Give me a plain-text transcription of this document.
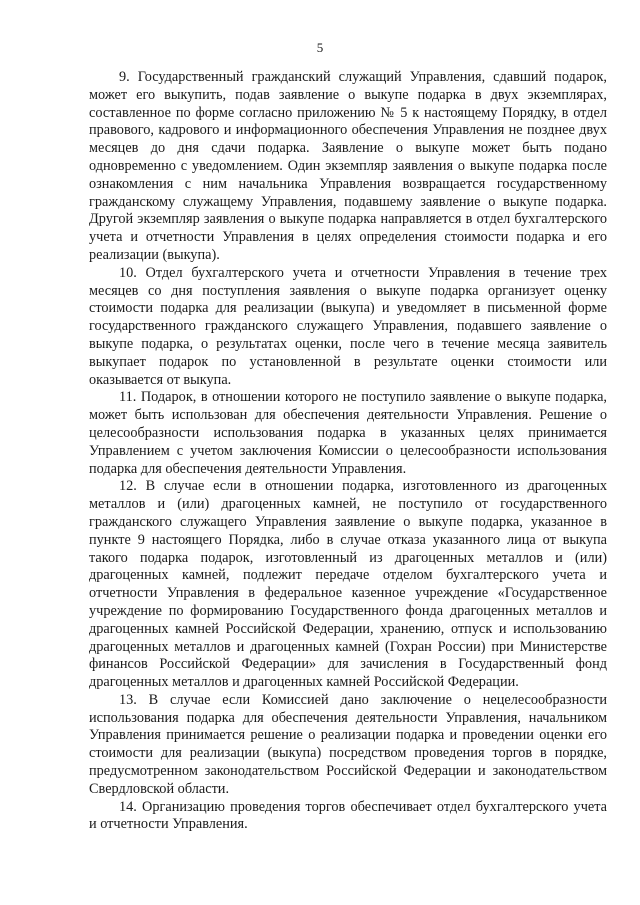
5

9. Государственный гражданский служащий Управления, сдавший подарок, может его выкупить, подав заявление о выкупе подарка в двух экземплярах, составленное по форме согласно приложению № 5 к настоящему Порядку, в отдел правового, кадрового и информационного обеспечения Управления не позднее двух месяцев до дня сдачи подарка. Заявление о выкупе может быть подано одновременно с уведомлением. Один экземпляр заявления о выкупе подарка после ознакомления с ним начальника Управления возвращается государственному гражданскому служащему Управления, подавшему заявление о выкупе подарка. Другой экземпляр заявления о выкупе подарка направляется в отдел бухгалтерского учета и отчетности Управления в целях определения стоимости подарка и его реализации (выкупа).

10. Отдел бухгалтерского учета и отчетности Управления в течение трех месяцев со дня поступления заявления о выкупе подарка организует оценку стоимости подарка для реализации (выкупа) и уведомляет в письменной форме государственного гражданского служащего Управления, подавшего заявление о выкупе подарка, о результатах оценки, после чего в течение месяца заявитель выкупает подарок по установленной в результате оценки стоимости или оказывается от выкупа.

11. Подарок, в отношении которого не поступило заявление о выкупе подарка, может быть использован для обеспечения деятельности Управления. Решение о целесообразности использования подарка в указанных целях принимается Управлением с учетом заключения Комиссии о целесообразности использования подарка для обеспечения деятельности Управления.

12. В случае если в отношении подарка, изготовленного из драгоценных металлов и (или) драгоценных камней, не поступило от государственного гражданского служащего Управления заявление о выкупе подарка, указанное в пункте 9 настоящего Порядка, либо в случае отказа указанного лица от выкупа такого подарка подарок, изготовленный из драгоценных металлов и (или) драгоценных камней, подлежит передаче отделом бухгалтерского учета и отчетности Управления в федеральное казенное учреждение «Государственное учреждение по формированию Государственного фонда драгоценных металлов и драгоценных камней Российской Федерации, хранению, отпуск и использованию драгоценных металлов и драгоценных камней (Гохран России) при Министерстве финансов Российской Федерации» для зачисления в Государственный фонд драгоценных металлов и драгоценных камней Российской Федерации.

13. В случае если Комиссией дано заключение о нецелесообразности использования подарка для обеспечения деятельности Управления, начальником Управления принимается решение о реализации подарка и проведении оценки его стоимости для реализации (выкупа) посредством проведения торгов в порядке, предусмотренном законодательством Российской Федерации и законодательством Свердловской области.

14. Организацию проведения торгов обеспечивает отдел бухгалтерского учета и отчетности Управления.
